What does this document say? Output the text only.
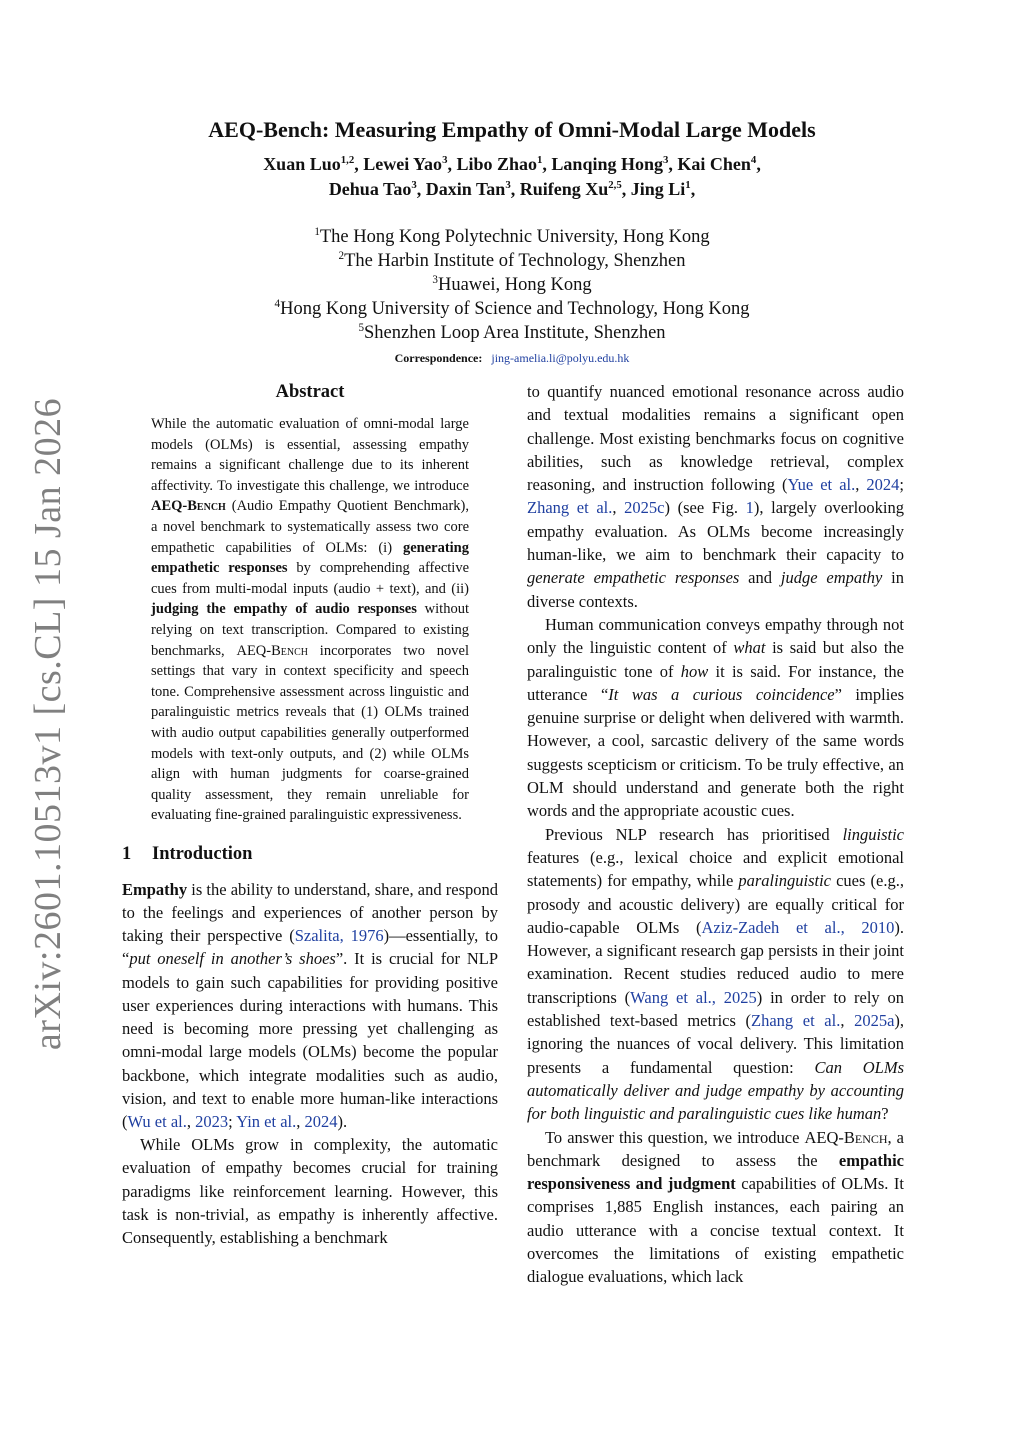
arXiv:2601.10513v1 [cs.CL] 15 Jan 2026
AEQ-Bench: Measuring Empathy of Omni-Modal Large Models
Xuan Luo$^{1,2}$, Lewei Yao$^3$, Libo Zhao$^1$, Lanqing Hong$^3$, Kai Chen$^4$,
Dehua Tao$^3$, Daxin Tan$^3$, Ruifeng Xu$^{2,5}$, Jing Li$^1$,
$^1$The Hong Kong Polytechnic University, Hong Kong
$^2$The Harbin Institute of Technology, Shenzhen
$^3$Huawei, Hong Kong
$^4$Hong Kong University of Science and Technology, Hong Kong
$^5$Shenzhen Loop Area Institute, Shenzhen
Correspondence: jing-amelia.li@polyu.edu.hk
Abstract

While the automatic evaluation of omni-modal large models (OLMs) is essential, assessing empathy remains a significant challenge due to its inherent affectivity. To investigate this challenge, we introduce AEQ-Bench (Audio Empathy Quotient Benchmark), a novel benchmark to systematically assess two core empathetic capabilities of OLMs: (i) generating empathetic responses by comprehending affective cues from multi-modal inputs (audio + text), and (ii) judging the empathy of audio responses without relying on text transcription. Compared to existing benchmarks, AEQ-Bench incorporates two novel settings that vary in context specificity and speech tone. Comprehensive assessment across linguistic and paralinguistic metrics reveals that (1) OLMs trained with audio output capabilities generally outperformed models with text-only outputs, and (2) while OLMs align with human judgments for coarse-grained quality assessment, they remain unreliable for evaluating fine-grained paralinguistic expressiveness.

1 Introduction

Empathy is the ability to understand, share, and respond to the feelings and experiences of another person by taking their perspective (Szalita, 1976)—essentially, to “put oneself in another’s shoes”. It is crucial for NLP models to gain such capabilities for providing positive user experiences during interactions with humans. This need is becoming more pressing yet challenging as omni-modal large models (OLMs) become the popular backbone, which integrate modalities such as audio, vision, and text to enable more human-like interactions (Wu et al., 2023; Yin et al., 2024).

While OLMs grow in complexity, the automatic evaluation of empathy becomes crucial for training paradigms like reinforcement learning. However, this task is non-trivial, as empathy is inherently affective. Consequently, establishing a benchmark

to quantify nuanced emotional resonance across audio and textual modalities remains a significant open challenge. Most existing benchmarks focus on cognitive abilities, such as knowledge retrieval, complex reasoning, and instruction following (Yue et al., 2024; Zhang et al., 2025c) (see Fig. 1), largely overlooking empathy evaluation. As OLMs become increasingly human-like, we aim to benchmark their capacity to generate empathetic responses and judge empathy in diverse contexts.

Human communication conveys empathy through not only the linguistic content of what is said but also the paralinguistic tone of how it is said. For instance, the utterance “It was a curious coincidence” implies genuine surprise or delight when delivered with warmth. However, a cool, sarcastic delivery of the same words suggests scepticism or criticism. To be truly effective, an OLM should understand and generate both the right words and the appropriate acoustic cues.

Previous NLP research has prioritised linguistic features (e.g., lexical choice and explicit emotional statements) for empathy, while paralinguistic cues (e.g., prosody and acoustic delivery) are equally critical for audio-capable OLMs (Aziz-Zadeh et al., 2010). However, a significant research gap persists in their joint examination. Recent studies reduced audio to mere transcriptions (Wang et al., 2025) in order to rely on established text-based metrics (Zhang et al., 2025a), ignoring the nuances of vocal delivery. This limitation presents a fundamental question: Can OLMs automatically deliver and judge empathy by accounting for both linguistic and paralinguistic cues like human?

To answer this question, we introduce AEQ-Bench, a benchmark designed to assess the empathic responsiveness and judgment capabilities of OLMs. It comprises 1,885 English instances, each pairing an audio utterance with a concise textual context. It overcomes the limitations of existing empathetic dialogue evaluations, which lack
